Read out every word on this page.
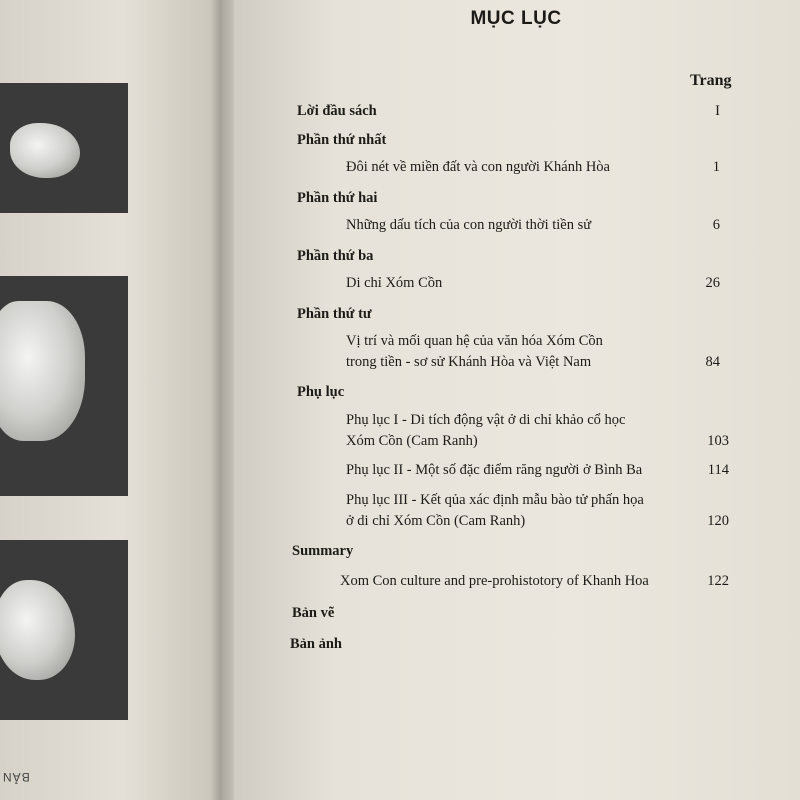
BẢN
MỤC LỤC
Trang
Lời đầu sách	I
Phần thứ nhất
Đôi nét về miền đất và con người Khánh Hòa	1
Phần thứ hai
Những dấu tích của con người thời tiền sử	6
Phần thứ ba
Di chỉ Xóm Cồn	26
Phần thứ tư
Vị trí và mối quan hệ của văn hóa Xóm Cồn
trong tiền - sơ sử Khánh Hòa và Việt Nam	84
Phụ lục
Phụ lục I - Di tích động vật ở di chỉ khảo cổ học
Xóm Cồn (Cam Ranh)	103
Phụ lục II - Một số đặc điểm răng người ở Bình Ba	114
Phụ lục III - Kết qủa xác định mẫu bào tử phấn họa
ở di chỉ Xóm Cồn (Cam Ranh)	120
Summary
Xom Con culture and pre-prohistotory of Khanh Hoa	122
Bản vẽ
Bản ảnh
